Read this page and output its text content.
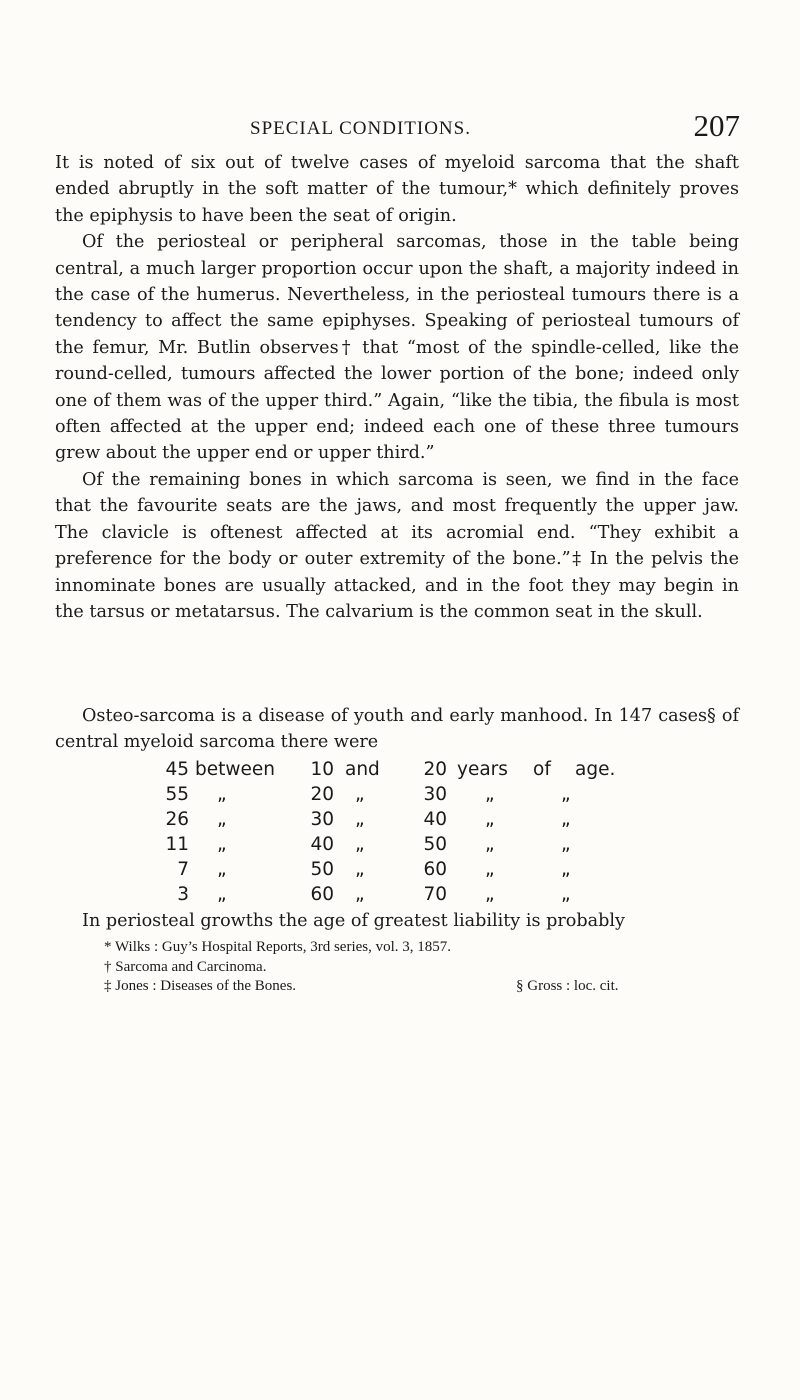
SPECIAL CONDITIONS.	207

It is noted of six out of twelve cases of myeloid sarcoma that the shaft ended abruptly in the soft matter of the tumour,* which definitely proves the epiphysis to have been the seat of origin.

Of the periosteal or peripheral sarcomas, those in the table being central, a much larger proportion occur upon the shaft, a majority indeed in the case of the humerus. Nevertheless, in the periosteal tumours there is a tendency to affect the same epiphyses. Speaking of periosteal tumours of the femur, Mr. Butlin observes† that “most of the spindle-celled, like the round-celled, tumours affected the lower portion of the bone; indeed only one of them was of the upper third.” Again, “like the tibia, the fibula is most often affected at the upper end; indeed each one of these three tumours grew about the upper end or upper third.”

Of the remaining bones in which sarcoma is seen, we find in the face that the favourite seats are the jaws, and most frequently the upper jaw. The clavicle is oftenest affected at its acromial end. “They exhibit a preference for the body or outer extremity of the bone.”‡ In the pelvis the innominate bones are usually attacked, and in the foot they may begin in the tarsus or metatarsus. The calvarium is the common seat in the skull.

Osteo-sarcoma is a disease of youth and early manhood. In 147 cases§ of central myeloid sarcoma there were

45 between	10 and	20 years of age.
55 „	20 „	30 „	„
26 „	30 „	40 „	„
11 „	40 „	50 „	„
7 „	50 „	60 „	„
3 „	60 „	70 „	„

In periosteal growths the age of greatest liability is probably

* Wilks : Guy’s Hospital Reports, 3rd series, vol. 3, 1857.
† Sarcoma and Carcinoma.
‡ Jones : Diseases of the Bones.	§ Gross : loc. cit.
